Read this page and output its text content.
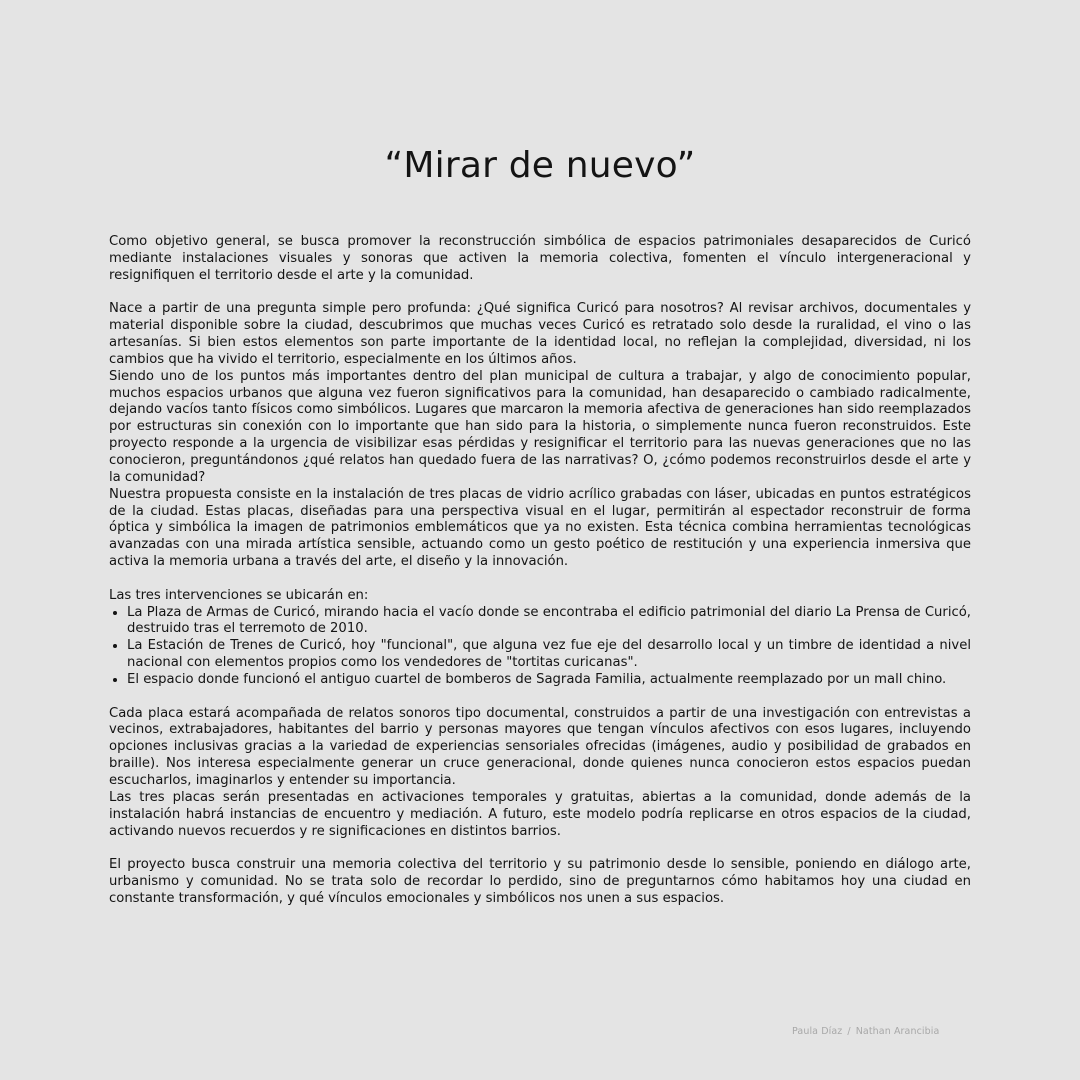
“Mirar de nuevo”

Como objetivo general, se busca promover la reconstrucción simbólica de espacios patrimoniales desaparecidos de Curicó mediante instalaciones visuales y sonoras que activen la memoria colectiva, fomenten el vínculo intergeneracional y resignifiquen el territorio desde el arte y la comunidad.

Nace a partir de una pregunta simple pero profunda: ¿Qué significa Curicó para nosotros? Al revisar archivos, documentales y material disponible sobre la ciudad, descubrimos que muchas veces Curicó es retratado solo desde la ruralidad, el vino o las artesanías. Si bien estos elementos son parte importante de la identidad local, no reflejan la complejidad, diversidad, ni los cambios que ha vivido el territorio, especialmente en los últimos años.

Siendo uno de los puntos más importantes dentro del plan municipal de cultura a trabajar, y algo de conocimiento popular, muchos espacios urbanos que alguna vez fueron significativos para la comunidad, han desaparecido o cambiado radicalmente, dejando vacíos tanto físicos como simbólicos. Lugares que marcaron la memoria afectiva de generaciones han sido reemplazados por estructuras sin conexión con lo importante que han sido para la historia, o simplemente nunca fueron reconstruidos. Este proyecto responde a la urgencia de visibilizar esas pérdidas y resignificar el territorio para las nuevas generaciones que no las conocieron, preguntándonos ¿qué relatos han quedado fuera de las narrativas? O, ¿cómo podemos reconstruirlos desde el arte y la comunidad?

Nuestra propuesta consiste en la instalación de tres placas de vidrio acrílico grabadas con láser, ubicadas en puntos estratégicos de la ciudad. Estas placas, diseñadas para una perspectiva visual en el lugar, permitirán al espectador reconstruir de forma óptica y simbólica la imagen de patrimonios emblemáticos que ya no existen. Esta técnica combina herramientas tecnológicas avanzadas con una mirada artística sensible, actuando como un gesto poético de restitución y una experiencia inmersiva que activa la memoria urbana a través del arte, el diseño y la innovación.

Las tres intervenciones se ubicarán en:

• La Plaza de Armas de Curicó, mirando hacia el vacío donde se encontraba el edificio patrimonial del diario La Prensa de Curicó, destruido tras el terremoto de 2010.
• La Estación de Trenes de Curicó, hoy "funcional", que alguna vez fue eje del desarrollo local y un timbre de identidad a nivel nacional con elementos propios como los vendedores de "tortitas curicanas".
• El espacio donde funcionó el antiguo cuartel de bomberos de Sagrada Familia, actualmente reemplazado por un mall chino.

Cada placa estará acompañada de relatos sonoros tipo documental, construidos a partir de una investigación con entrevistas a vecinos, extrabajadores, habitantes del barrio y personas mayores que tengan vínculos afectivos con esos lugares, incluyendo opciones inclusivas gracias a la variedad de experiencias sensoriales ofrecidas (imágenes, audio y posibilidad de grabados en braille). Nos interesa especialmente generar un cruce generacional, donde quienes nunca conocieron estos espacios puedan escucharlos, imaginarlos y entender su importancia.

Las tres placas serán presentadas en activaciones temporales y gratuitas, abiertas a la comunidad, donde además de la instalación habrá instancias de encuentro y mediación. A futuro, este modelo podría replicarse en otros espacios de la ciudad, activando nuevos recuerdos y re significaciones en distintos barrios.

El proyecto busca construir una memoria colectiva del territorio y su patrimonio desde lo sensible, poniendo en diálogo arte, urbanismo y comunidad. No se trata solo de recordar lo perdido, sino de preguntarnos cómo habitamos hoy una ciudad en constante transformación, y qué vínculos emocionales y simbólicos nos unen a sus espacios.

Paula Díaz / Nathan Arancibia
